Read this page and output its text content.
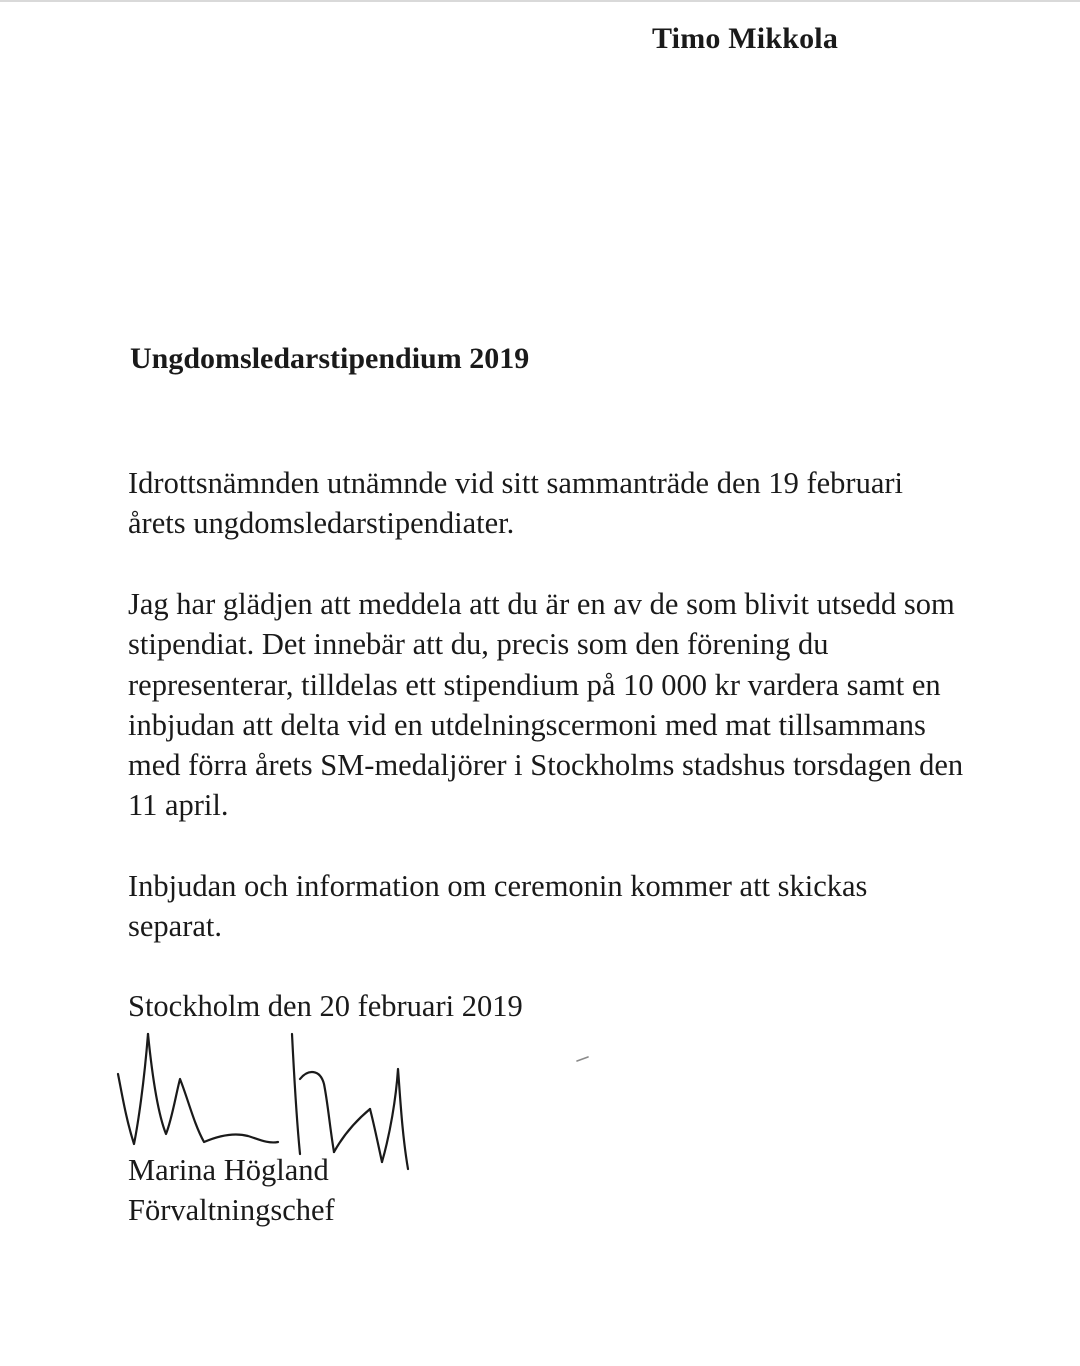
Timo Mikkola
Ungdomsledarstipendium 2019
Idrottsnämnden utnämnde vid sitt sammanträde den 19 februari
årets ungdomsledarstipendiater.
Jag har glädjen att meddela att du är en av de som blivit utsedd som
stipendiat. Det innebär att du, precis som den förening du
representerar, tilldelas ett stipendium på 10 000 kr vardera samt en
inbjudan att delta vid en utdelningscermoni med mat tillsammans
med förra årets SM-medaljörer i Stockholms stadshus torsdagen den
11 april.
Inbjudan och information om ceremonin kommer att skickas
separat.
Stockholm den 20 februari 2019
Marina Högland
Förvaltningschef
